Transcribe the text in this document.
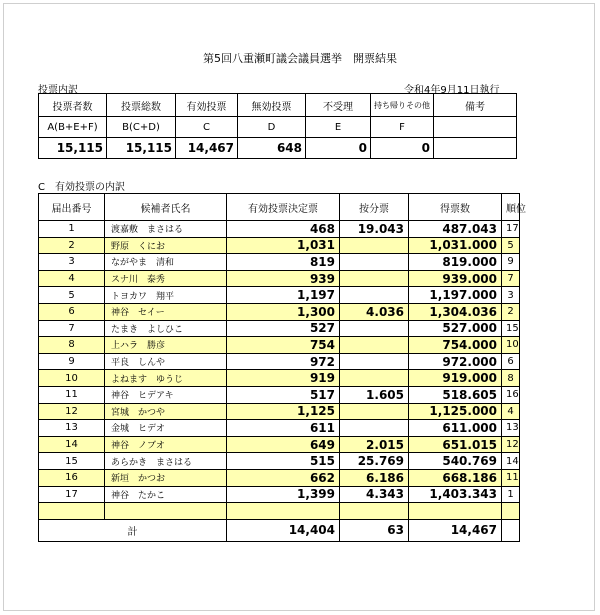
第5回八重瀬町議会議員選挙　開票結果
投票内訳	令和4年9月11日執行
投票者数	投票総数	有効投票	無効投票	不受理	持ち帰りその他	備考
A(B+E+F)	B(C+D)	C	D	E	F	
15,115	15,115	14,467	648	0	0	
C　有効投票の内訳
届出番号	候補者氏名	有効投票決定票	按分票	得票数	順位
1	渡嘉敷　まさはる	468	19.043	487.043	17
2	野原　くにお	1,031		1,031.000	5
3	ながやま　清和	819		819.000	9
4	スナ川　泰秀	939		939.000	7
5	トヨカワ　翔平	1,197		1,197.000	3
6	神谷　セイー	1,300	4.036	1,304.036	2
7	たまき　よしひこ	527		527.000	15
8	上ハラ　勝彦	754		754.000	10
9	平良　しんや	972		972.000	6
10	よねます　ゆうじ	919		919.000	8
11	神谷　ヒデアキ	517	1.605	518.605	16
12	宮城　かつや	1,125		1,125.000	4
13	金城　ヒデオ	611		611.000	13
14	神谷　ノブオ	649	2.015	651.015	12
15	あらかき　まさはる	515	25.769	540.769	14
16	新垣　かつお	662	6.186	668.186	11
17	神谷　たかこ	1,399	4.343	1,403.343	1

計		14,404	63	14,467	
